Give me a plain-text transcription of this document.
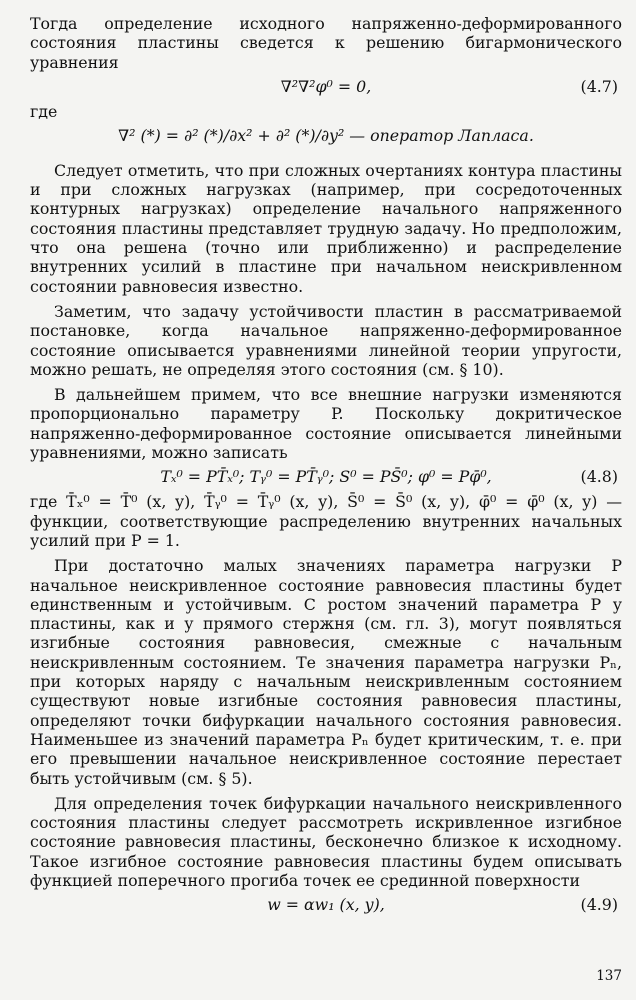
Тогда определение исходного напряженно-деформированного состояния пластины сведется к решению бигармонического уравнения

∇²∇²φ⁰ = 0,	(4.7)

где

∇² (*) = ∂² (*)/∂x² + ∂² (*)/∂y² — оператор Лапласа.

Следует отметить, что при сложных очертаниях контура пластины и при сложных нагрузках (например, при сосредоточенных контурных нагрузках) определение начального напряженного состояния пластины представляет трудную задачу. Но предположим, что она решена (точно или приближенно) и распределение внутренних усилий в пластине при начальном неискривленном состоянии равновесия известно.

Заметим, что задачу устойчивости пластин в рассматриваемой постановке, когда начальное напряженно-деформированное состояние описывается уравнениями линейной теории упругости, можно решать, не определяя этого состояния (см. § 10).

В дальнейшем примем, что все внешние нагрузки изменяются пропорционально параметру P. Поскольку докритическое напряженно-деформированное состояние описывается линейными уравнениями, можно записать

Tₓ⁰ = PT̄ₓ⁰; Tᵧ⁰ = PT̄ᵧ⁰; S⁰ = PS̄⁰; φ⁰ = Pφ̄⁰,	(4.8)

где T̄ₓ⁰ = T̄⁰ (x, y), T̄ᵧ⁰ = T̄ᵧ⁰ (x, y), S̄⁰ = S̄⁰ (x, y), φ̄⁰ = φ̄⁰ (x, y) — функции, соответствующие распределению внутренних начальных усилий при P = 1.

При достаточно малых значениях параметра нагрузки P начальное неискривленное состояние равновесия пластины будет единственным и устойчивым. С ростом значений параметра P у пластины, как и у прямого стержня (см. гл. 3), могут появляться изгибные состояния равновесия, смежные с начальным неискривленным состоянием. Те значения параметра нагрузки Pₙ, при которых наряду с начальным неискривленным состоянием существуют новые изгибные состояния равновесия пластины, определяют точки бифуркации начального состояния равновесия. Наименьшее из значений параметра Pₙ будет критическим, т. е. при его превышении начальное неискривленное состояние перестает быть устойчивым (см. § 5).

Для определения точек бифуркации начального неискривленного состояния пластины следует рассмотреть искривленное изгибное состояние равновесия пластины, бесконечно близкое к исходному. Такое изгибное состояние равновесия пластины будем описывать функцией поперечного прогиба точек ее срединной поверхности

w = αw₁ (x, y),	(4.9)
137
